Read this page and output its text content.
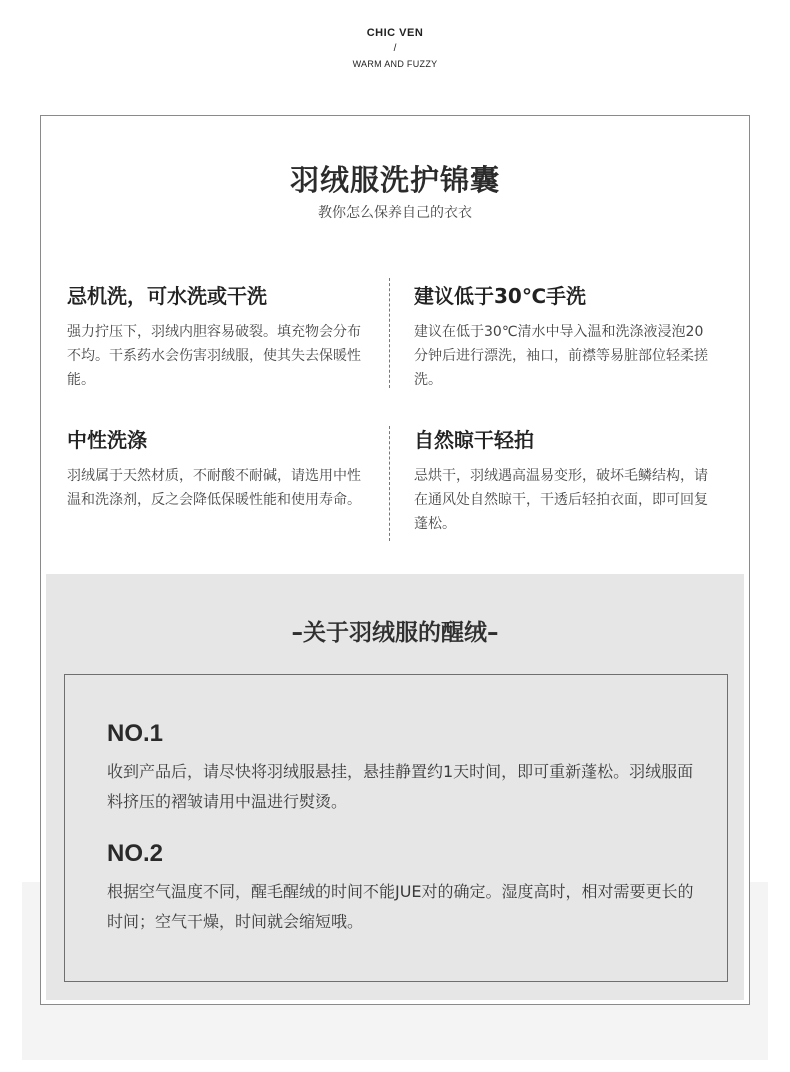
CHIC VEN
/
WARM AND FUZZY
羽绒服洗护锦囊
教你怎么保养自己的衣衣
忌机洗，可水洗或干洗

强力拧压下，羽绒内胆容易破裂。填充物会分布不均。干系药水会伤害羽绒服，使其失去保暖性能。

建议低于30℃手洗

建议在低于30℃清水中导入温和洗涤液浸泡20分钟后进行漂洗，袖口，前襟等易脏部位轻柔搓洗。

中性洗涤

羽绒属于天然材质，不耐酸不耐碱，请选用中性温和洗涤剂，反之会降低保暖性能和使用寿命。

自然晾干轻拍

忌烘干，羽绒遇高温易变形，破坏毛鳞结构，请在通风处自然晾干，干透后轻拍衣面，即可回复蓬松。

–关于羽绒服的醒绒–
NO.1
收到产品后，请尽快将羽绒服悬挂，悬挂静置约1天时间，即可重新蓬松。羽绒服面料挤压的褶皱请用中温进行熨烫。
NO.2
根据空气温度不同，醒毛醒绒的时间不能JUE对的确定。湿度高时，相对需要更长的时间；空气干燥，时间就会缩短哦。
